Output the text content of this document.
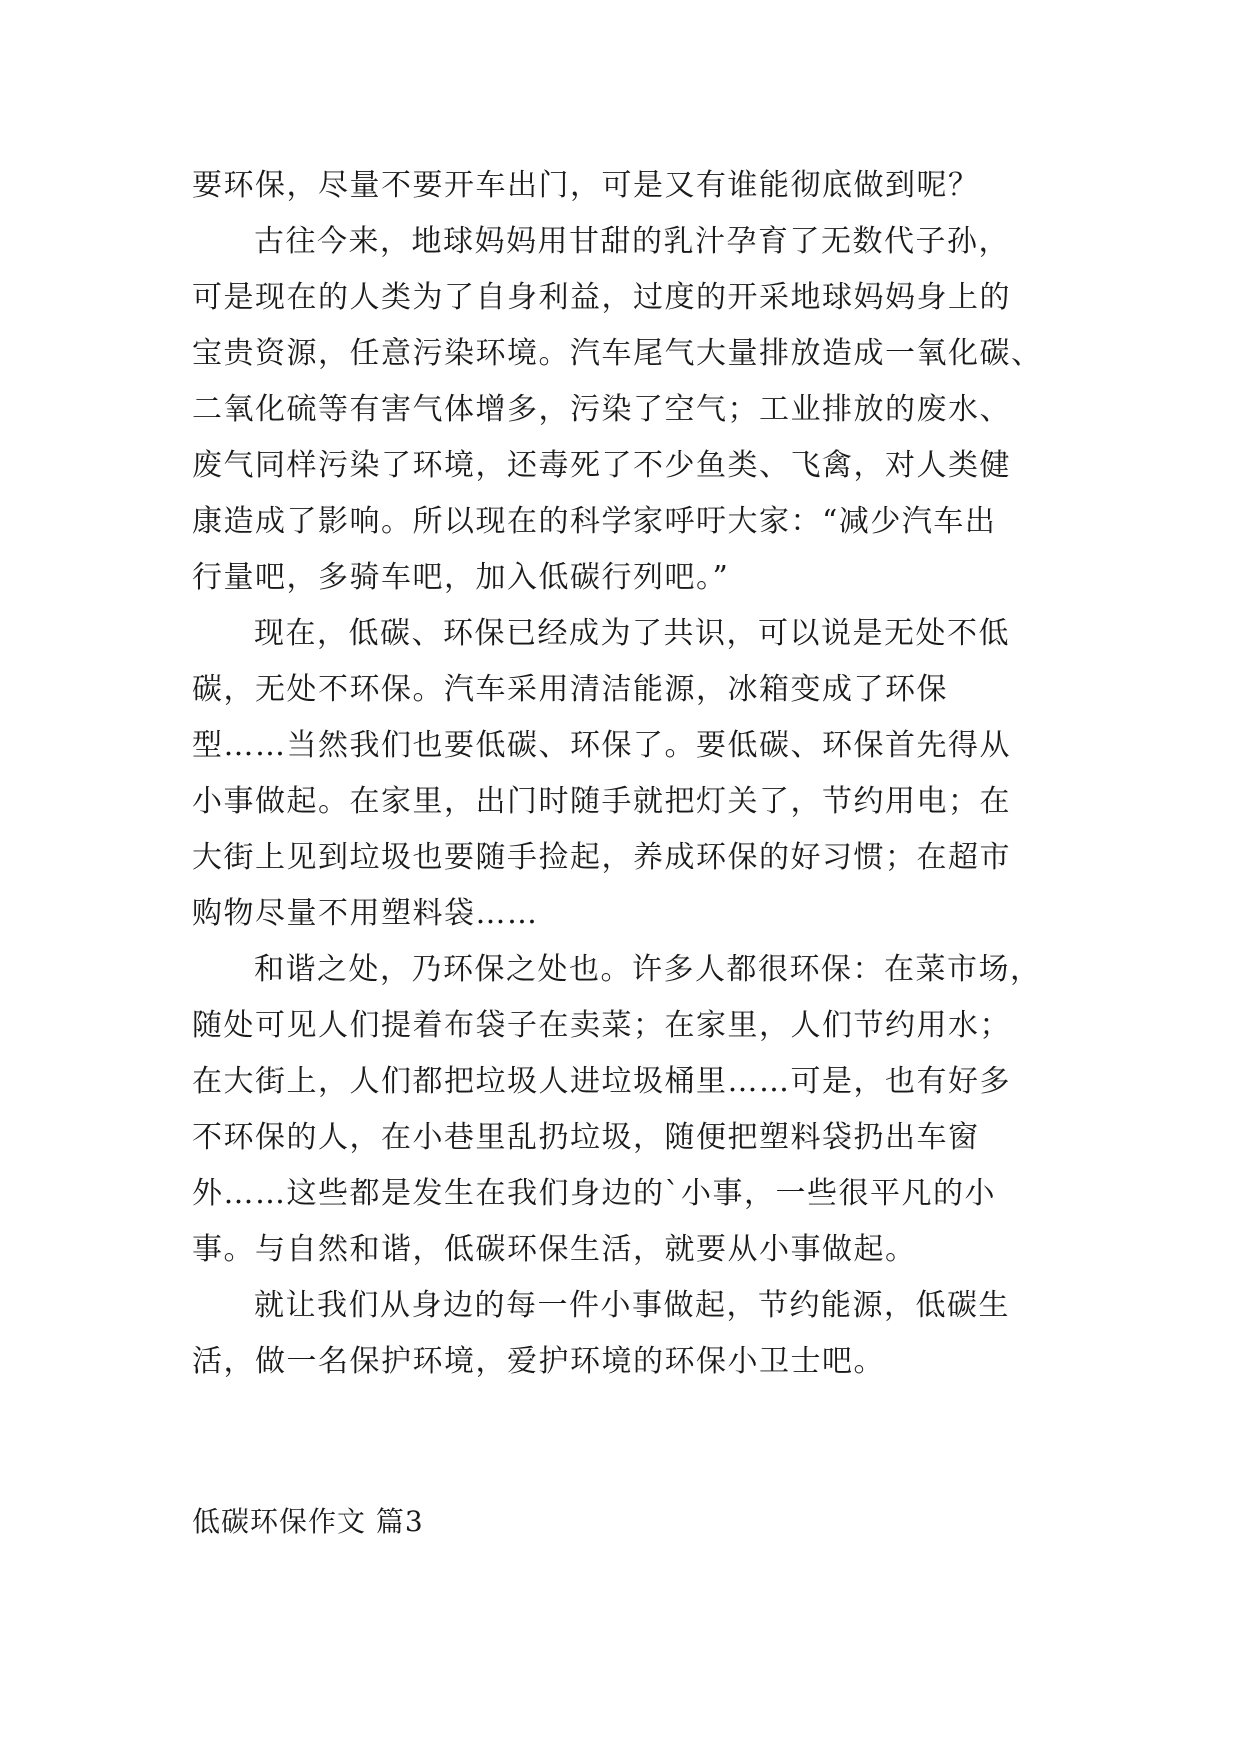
要环保，尽量不要开车出门，可是又有谁能彻底做到呢？
古往今来，地球妈妈用甘甜的乳汁孕育了无数代子孙，
可是现在的人类为了自身利益，过度的开采地球妈妈身上的
宝贵资源，任意污染环境。汽车尾气大量排放造成一氧化碳、
二氧化硫等有害气体增多，污染了空气；工业排放的废水、
废气同样污染了环境，还毒死了不少鱼类、飞禽，对人类健
康造成了影响。所以现在的科学家呼吁大家：“减少汽车出
行量吧，多骑车吧，加入低碳行列吧。”
现在，低碳、环保已经成为了共识，可以说是无处不低
碳，无处不环保。汽车采用清洁能源，冰箱变成了环保
型……当然我们也要低碳、环保了。要低碳、环保首先得从
小事做起。在家里，出门时随手就把灯关了，节约用电；在
大街上见到垃圾也要随手捡起，养成环保的好习惯；在超市
购物尽量不用塑料袋……
和谐之处，乃环保之处也。许多人都很环保：在菜市场，
随处可见人们提着布袋子在卖菜；在家里，人们节约用水；
在大街上，人们都把垃圾人进垃圾桶里……可是，也有好多
不环保的人，在小巷里乱扔垃圾，随便把塑料袋扔出车窗
外……这些都是发生在我们身边的`小事，一些很平凡的小
事。与自然和谐，低碳环保生活，就要从小事做起。
就让我们从身边的每一件小事做起，节约能源，低碳生
活，做一名保护环境，爱护环境的环保小卫士吧。
低碳环保作文 篇3
